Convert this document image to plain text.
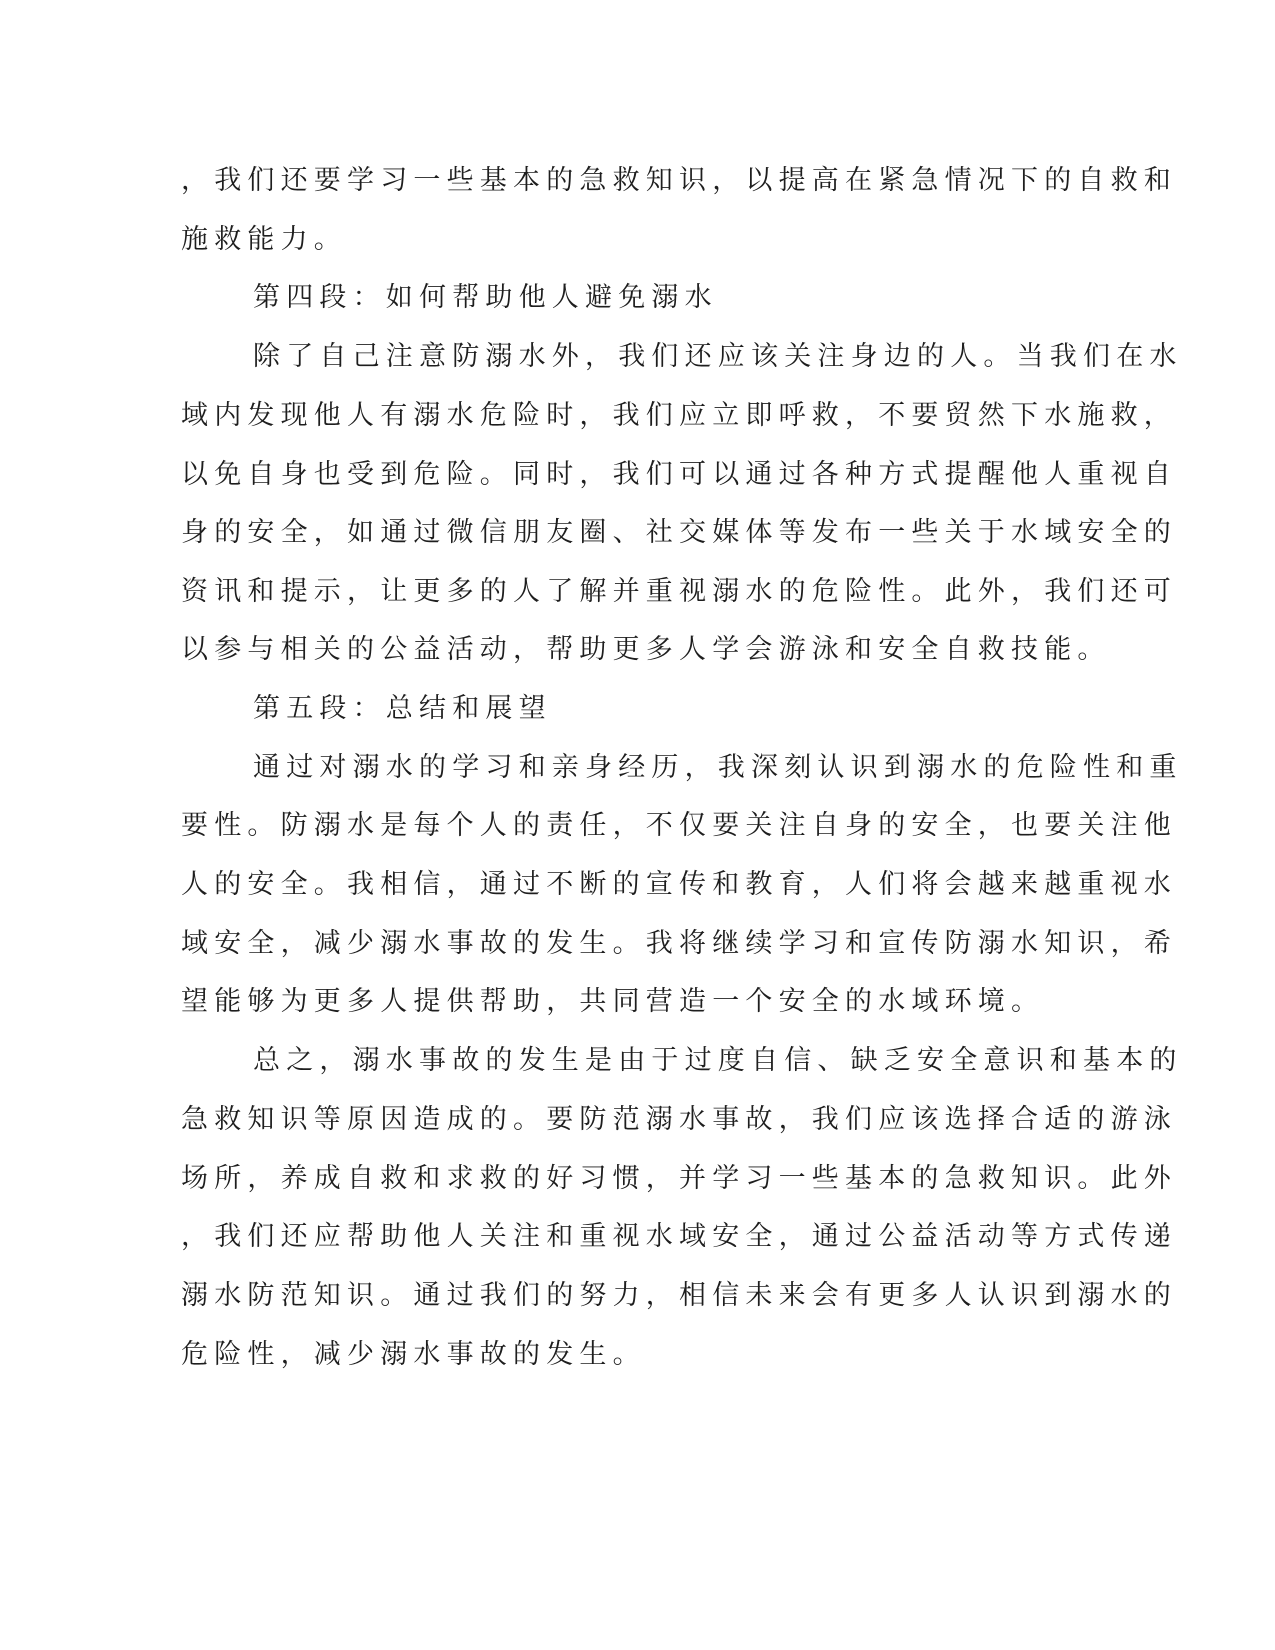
，我们还要学习一些基本的急救知识，以提高在紧急情况下的自救和
施救能力。
第四段：如何帮助他人避免溺水
除了自己注意防溺水外，我们还应该关注身边的人。当我们在水
域内发现他人有溺水危险时，我们应立即呼救，不要贸然下水施救，
以免自身也受到危险。同时，我们可以通过各种方式提醒他人重视自
身的安全，如通过微信朋友圈、社交媒体等发布一些关于水域安全的
资讯和提示，让更多的人了解并重视溺水的危险性。此外，我们还可
以参与相关的公益活动，帮助更多人学会游泳和安全自救技能。
第五段：总结和展望
通过对溺水的学习和亲身经历，我深刻认识到溺水的危险性和重
要性。防溺水是每个人的责任，不仅要关注自身的安全，也要关注他
人的安全。我相信，通过不断的宣传和教育，人们将会越来越重视水
域安全，减少溺水事故的发生。我将继续学习和宣传防溺水知识，希
望能够为更多人提供帮助，共同营造一个安全的水域环境。
总之，溺水事故的发生是由于过度自信、缺乏安全意识和基本的
急救知识等原因造成的。要防范溺水事故，我们应该选择合适的游泳
场所，养成自救和求救的好习惯，并学习一些基本的急救知识。此外
，我们还应帮助他人关注和重视水域安全，通过公益活动等方式传递
溺水防范知识。通过我们的努力，相信未来会有更多人认识到溺水的
危险性，减少溺水事故的发生。
